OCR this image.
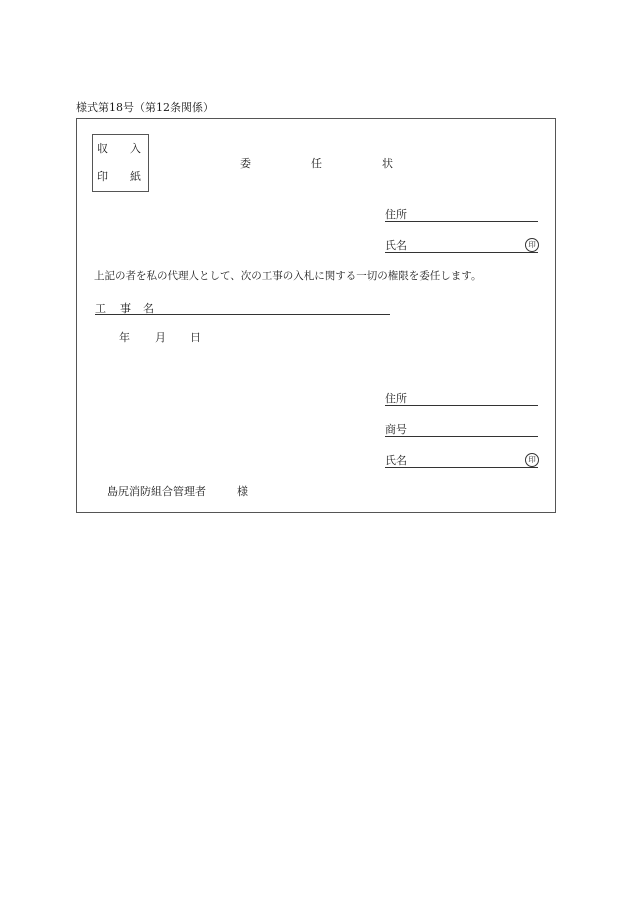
様式第18号（第12条関係）
収 入
印 紙
委	任	状
住所
氏名	印
上記の者を私の代理人として、次の工事の入札に関する一切の権限を委任します。
工 事 名
年 月 日
住所
商号
氏名	印
島尻消防組合管理者	様
